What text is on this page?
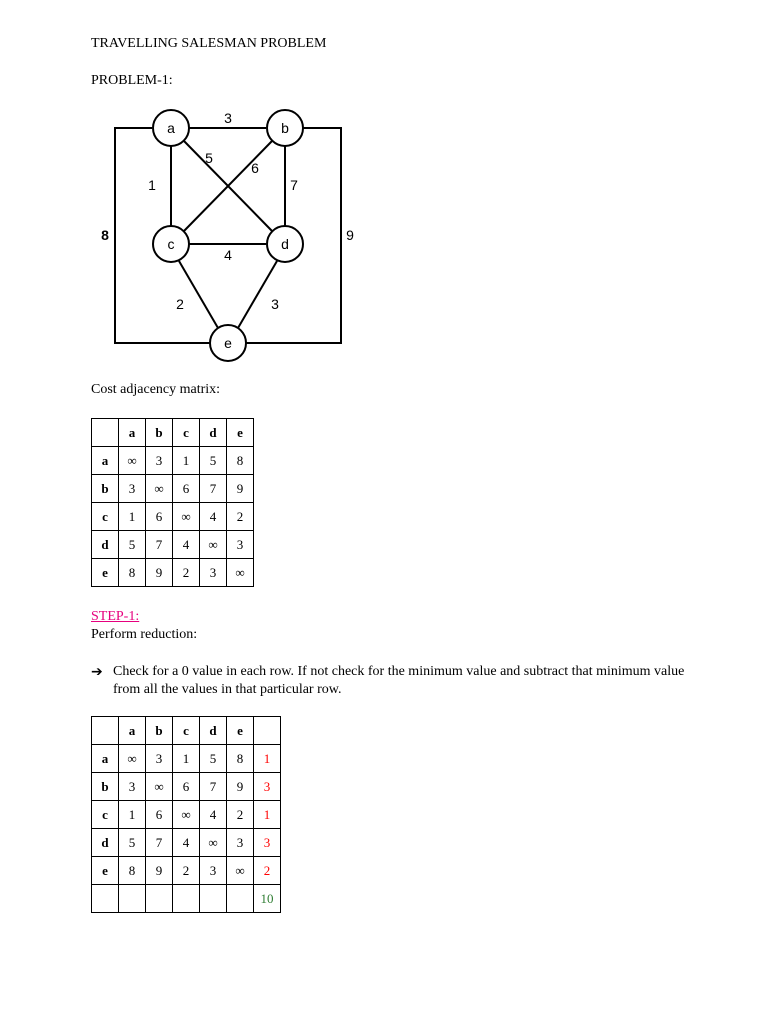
TRAVELLING SALESMAN PROBLEM
PROBLEM-1:
a	b
c	d
e
3
1
5
6
7
4
2	3
8	9
Cost adjacency matrix:
	a	b	c	d	e
a	∞	3	1	5	8
b	3	∞	6	7	9
c	1	6	∞	4	2
d	5	7	4	∞	3
e	8	9	2	3	∞
STEP-1:
Perform reduction:
➔ Check for a 0 value in each row. If not check for the minimum value and subtract that minimum value from all the values in that particular row.
	a	b	c	d	e	
a	∞	3	1	5	8	1
b	3	∞	6	7	9	3
c	1	6	∞	4	2	1
d	5	7	4	∞	3	3
e	8	9	2	3	∞	2
						10
